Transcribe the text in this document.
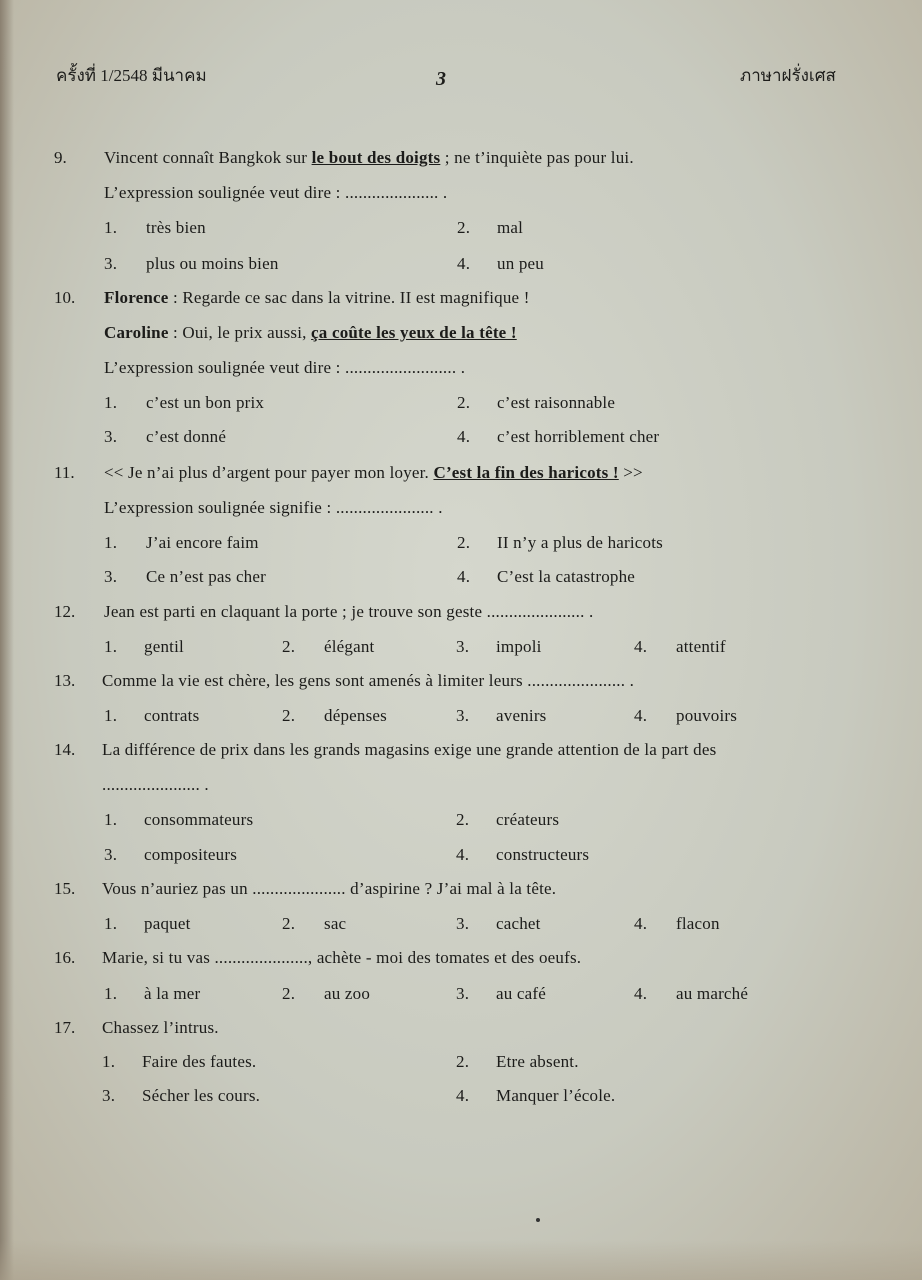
ครั้งที่ 1/2548 มีนาคม	3	ภาษาฝรั่งเศส
9. Vincent connaît Bangkok sur le bout des doigts ; ne t’inquiète pas pour lui.
L’expression soulignée veut dire : ..................... .
1. très bien	2. mal
3. plus ou moins bien	4. un peu
10. Florence : Regarde ce sac dans la vitrine. II est magnifique !
Caroline : Oui, le prix aussi, ça coûte les yeux de la tête !
L’expression soulignée veut dire : ......................... .
1. c’est un bon prix	2. c’est raisonnable
3. c’est donné	4. c’est horriblement cher
11. << Je n’ai plus d’argent pour payer mon loyer. C’est la fin des haricots ! >>
L’expression soulignée signifie : ...................... .
1. J’ai encore faim	2. II n’y a plus de haricots
3. Ce n’est pas cher	4. C’est la catastrophe
12. Jean est parti en claquant la porte ; je trouve son geste ...................... .
1. gentil	2. élégant	3. impoli	4. attentif
13. Comme la vie est chère, les gens sont amenés à limiter leurs ...................... .
1. contrats	2. dépenses	3. avenirs	4. pouvoirs
14. La différence de prix dans les grands magasins exige une grande attention de la part des
...................... .
1. consommateurs	2. créateurs
3. compositeurs	4. constructeurs
15. Vous n’auriez pas un ..................... d’aspirine ? J’ai mal à la tête.
1. paquet	2. sac	3. cachet	4. flacon
16. Marie, si tu vas ....................., achète - moi des tomates et des oeufs.
1. à la mer	2. au zoo	3. au café	4. au marché
17. Chassez l’intrus.
1. Faire des fautes.	2. Etre absent.
3. Sécher les cours.	4. Manquer l’école.
